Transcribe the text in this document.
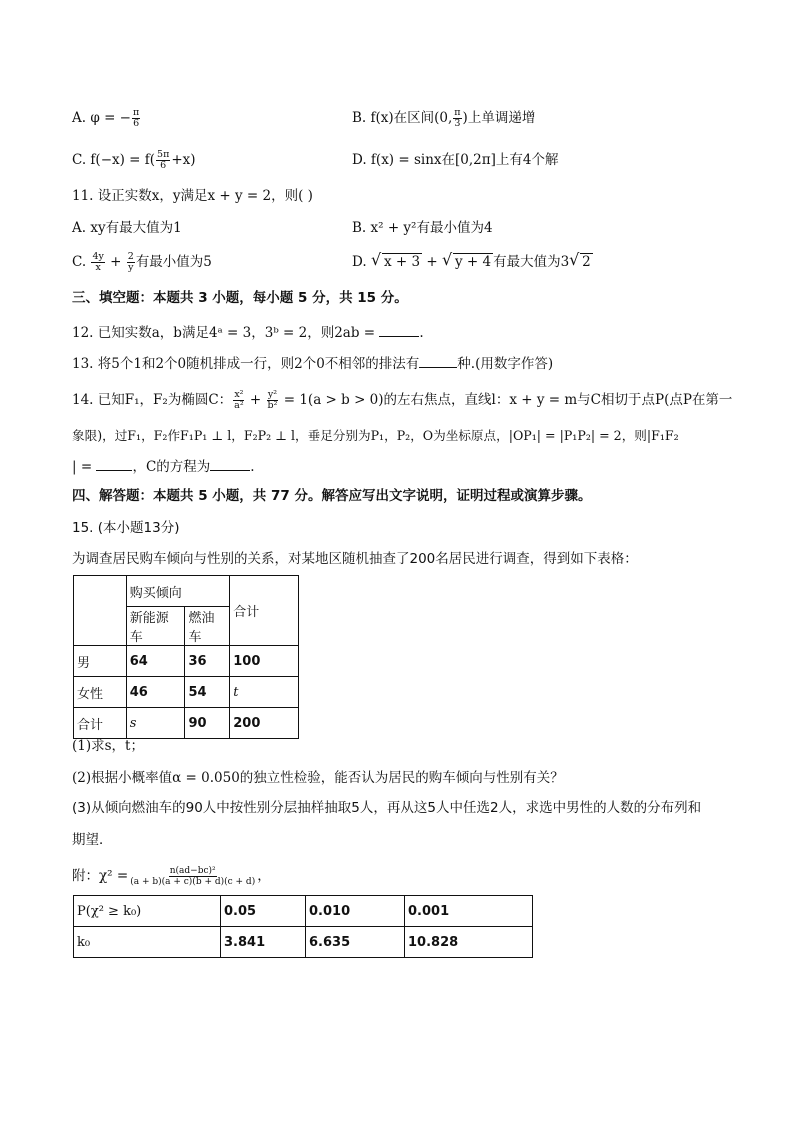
A. φ = − $\frac{\pi}{6}$	B. f(x)在区间(0, $\frac{\pi}{3}$ )上单调递增
C. $f(-x) = f( \frac{5\pi}{6} +x)$	D. f(x) = sinx在[0,2π]上有4个解
11. 设正实数x，y满足x + y = 2，则( )
A. xy有最大值为1	B. x² + y²有最小值为4
C. $\frac{4y}{x} + \frac{2}{y}$ 有最小值为5	D. √ x + 3 + √ y + 4 有最大值为3 √ 2
三、填空题：本题共 3 小题，每小题 5 分，共 15 分。
12. 已知实数a，b满足4ᵃ = 3，3ᵇ = 2，则2ab =	.
13. 将5个1和2个0随机排成一行，则2个0不相邻的排法有	种.(用数字作答)
14. 已知F₁，F₂为椭圆C： $\frac{\text{x²}}{\text{a²}} + \frac{\text{y²}}{\text{b²}} = 1(a > b > 0)$的左右焦点，直线l：x + y = m与C相切于点P(点P在第一
象限)，过F₁，F₂作F₁P₁ ⊥ l，F₂P₂ ⊥ l，垂足分别为P₁，P₂，O为坐标原点，|OP₁| = |P₁P₂| = 2，则|F₁F₂
| =	，C的方程为	.
四、解答题：本题共 5 小题，共 77 分。解答应写出文字说明，证明过程或演算步骤。
15. (本小题13分)
为调查居民购车倾向与性别的关系，对某地区随机抽查了200名居民进行调查，得到如下表格：
	购买倾向		合计
	新能源车	燃油车	
男	64	36	100
女性	46	54	t
合计	s	90	200
(1)求s，t；
(2)根据小概率值α = 0.050的独立性检验，能否认为居民的购车倾向与性别有关？
(3)从倾向燃油车的90人中按性别分层抽样抽取5人，再从这5人中任选2人，求选中男性的人数的分布列和
期望．
附：$\chi^2 = \frac{\text{n(ad−bc)²}}{(a + b)(a + c)(b + d)(c + d)}$ ，
P(χ² ≥ k₀)	0.05	0.010	0.001
k₀	3.841	6.635	10.828
